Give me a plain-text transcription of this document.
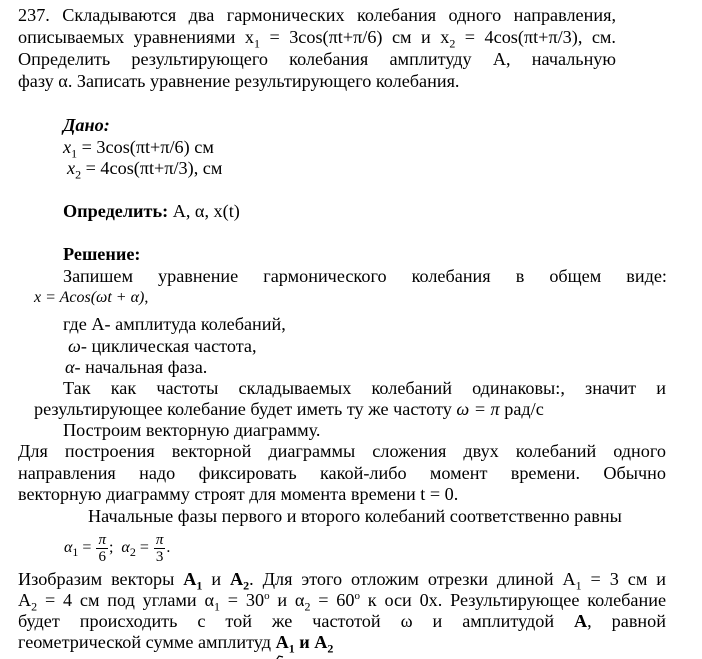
237. Складываются два гармонических колебания одного направления,
описываемых уравнениями $x_1 = 3\cos(\pi t+\pi/6)$ см и $x_2 = 4\cos(\pi t+\pi/3)$, см.
Определить результирующего колебания амплитуду A, начальную
фазу α. Записать уравнение результирующего колебания.
Дано:
$x_1 = 3\cos(\pi t+\pi/6)$ см
$x_2 = 4\cos(\pi t+\pi/3)$, см
Определить: А, α, x(t)
Решение:
Запишем уравнение гармонического колебания в общем виде:
x = Acos(ωt + α),
где А- амплитуда колебаний,
ω- циклическая частота,
α- начальная фаза.
Так как частоты складываемых колебаний одинаковы:, значит и
результирующее колебание будет иметь ту же частоту ω = π рад/с
Построим векторную диаграмму.
Для построения векторной диаграммы сложения двух колебаний одного
направления надо фиксировать какой-либо момент времени. Обычно
векторную диаграмму строят для момента времени t = 0.
Начальные фазы первого и второго колебаний соответственно равны
$\alpha_1 = \frac{\pi}{6}$ ; $\alpha_2 = \frac{\pi}{3}$ .
Изобразим векторы $A_1$ и $A_2$. Для этого отложим отрезки длиной $A_1 = 3$ см и
$A_2 = 4$ см под углами $\alpha_1 = 30^о$ и $\alpha_2 = 60^о$ к оси 0x. Результирующее колебание
будет происходить с той же частотой ω и амплитудой А, равной
геометрической сумме амплитуд $A_1$ и $A_2$
